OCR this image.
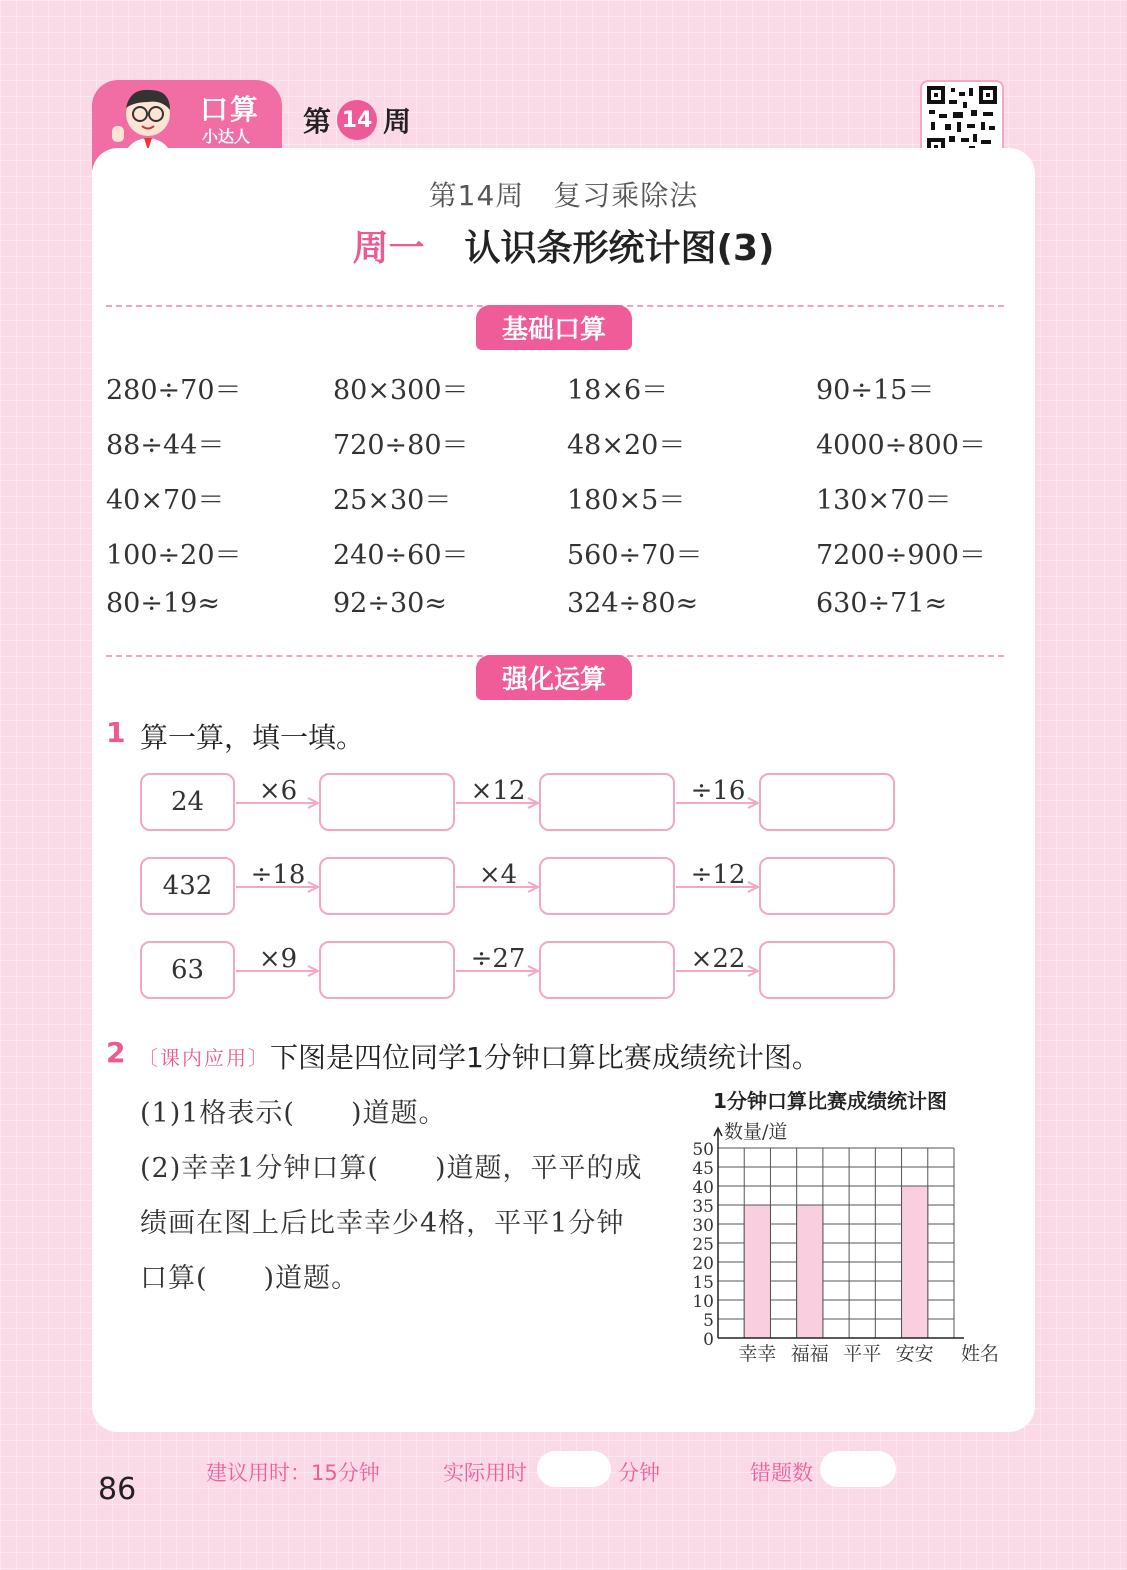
口算
小达人 第 14 周
第14周　复习乘除法
周一 认识条形统计图(3)
基础口算
280÷70＝	80×300＝	18×6＝	90÷15＝
88÷44＝	720÷80＝	48×20＝	4000÷800＝
40×70＝	25×30＝	180×5＝	130×70＝
100÷20＝	240÷60＝	560÷70＝	7200÷900＝
80÷19≈	92÷30≈	324÷80≈	630÷71≈
强化运算
1 算一算，填一填。
24	×6	×12	÷16
432	÷18	×4	÷12
63	×9	÷27	×22
2 〔课内应用〕 下图是四位同学1分钟口算比赛成绩统计图。
(1)1格表示(　　)道题。
(2)幸幸1分钟口算(　　)道题，平平的成
绩画在图上后比幸幸少4格，平平1分钟
口算(　　)道题。
1分钟口算比赛成绩统计图
数量/道
姓名
0
5
10
15
20
25
30
35
40
45
50
幸幸 福福 平平 安安
建议用时：15分钟	实际用时	分钟	错题数
86
